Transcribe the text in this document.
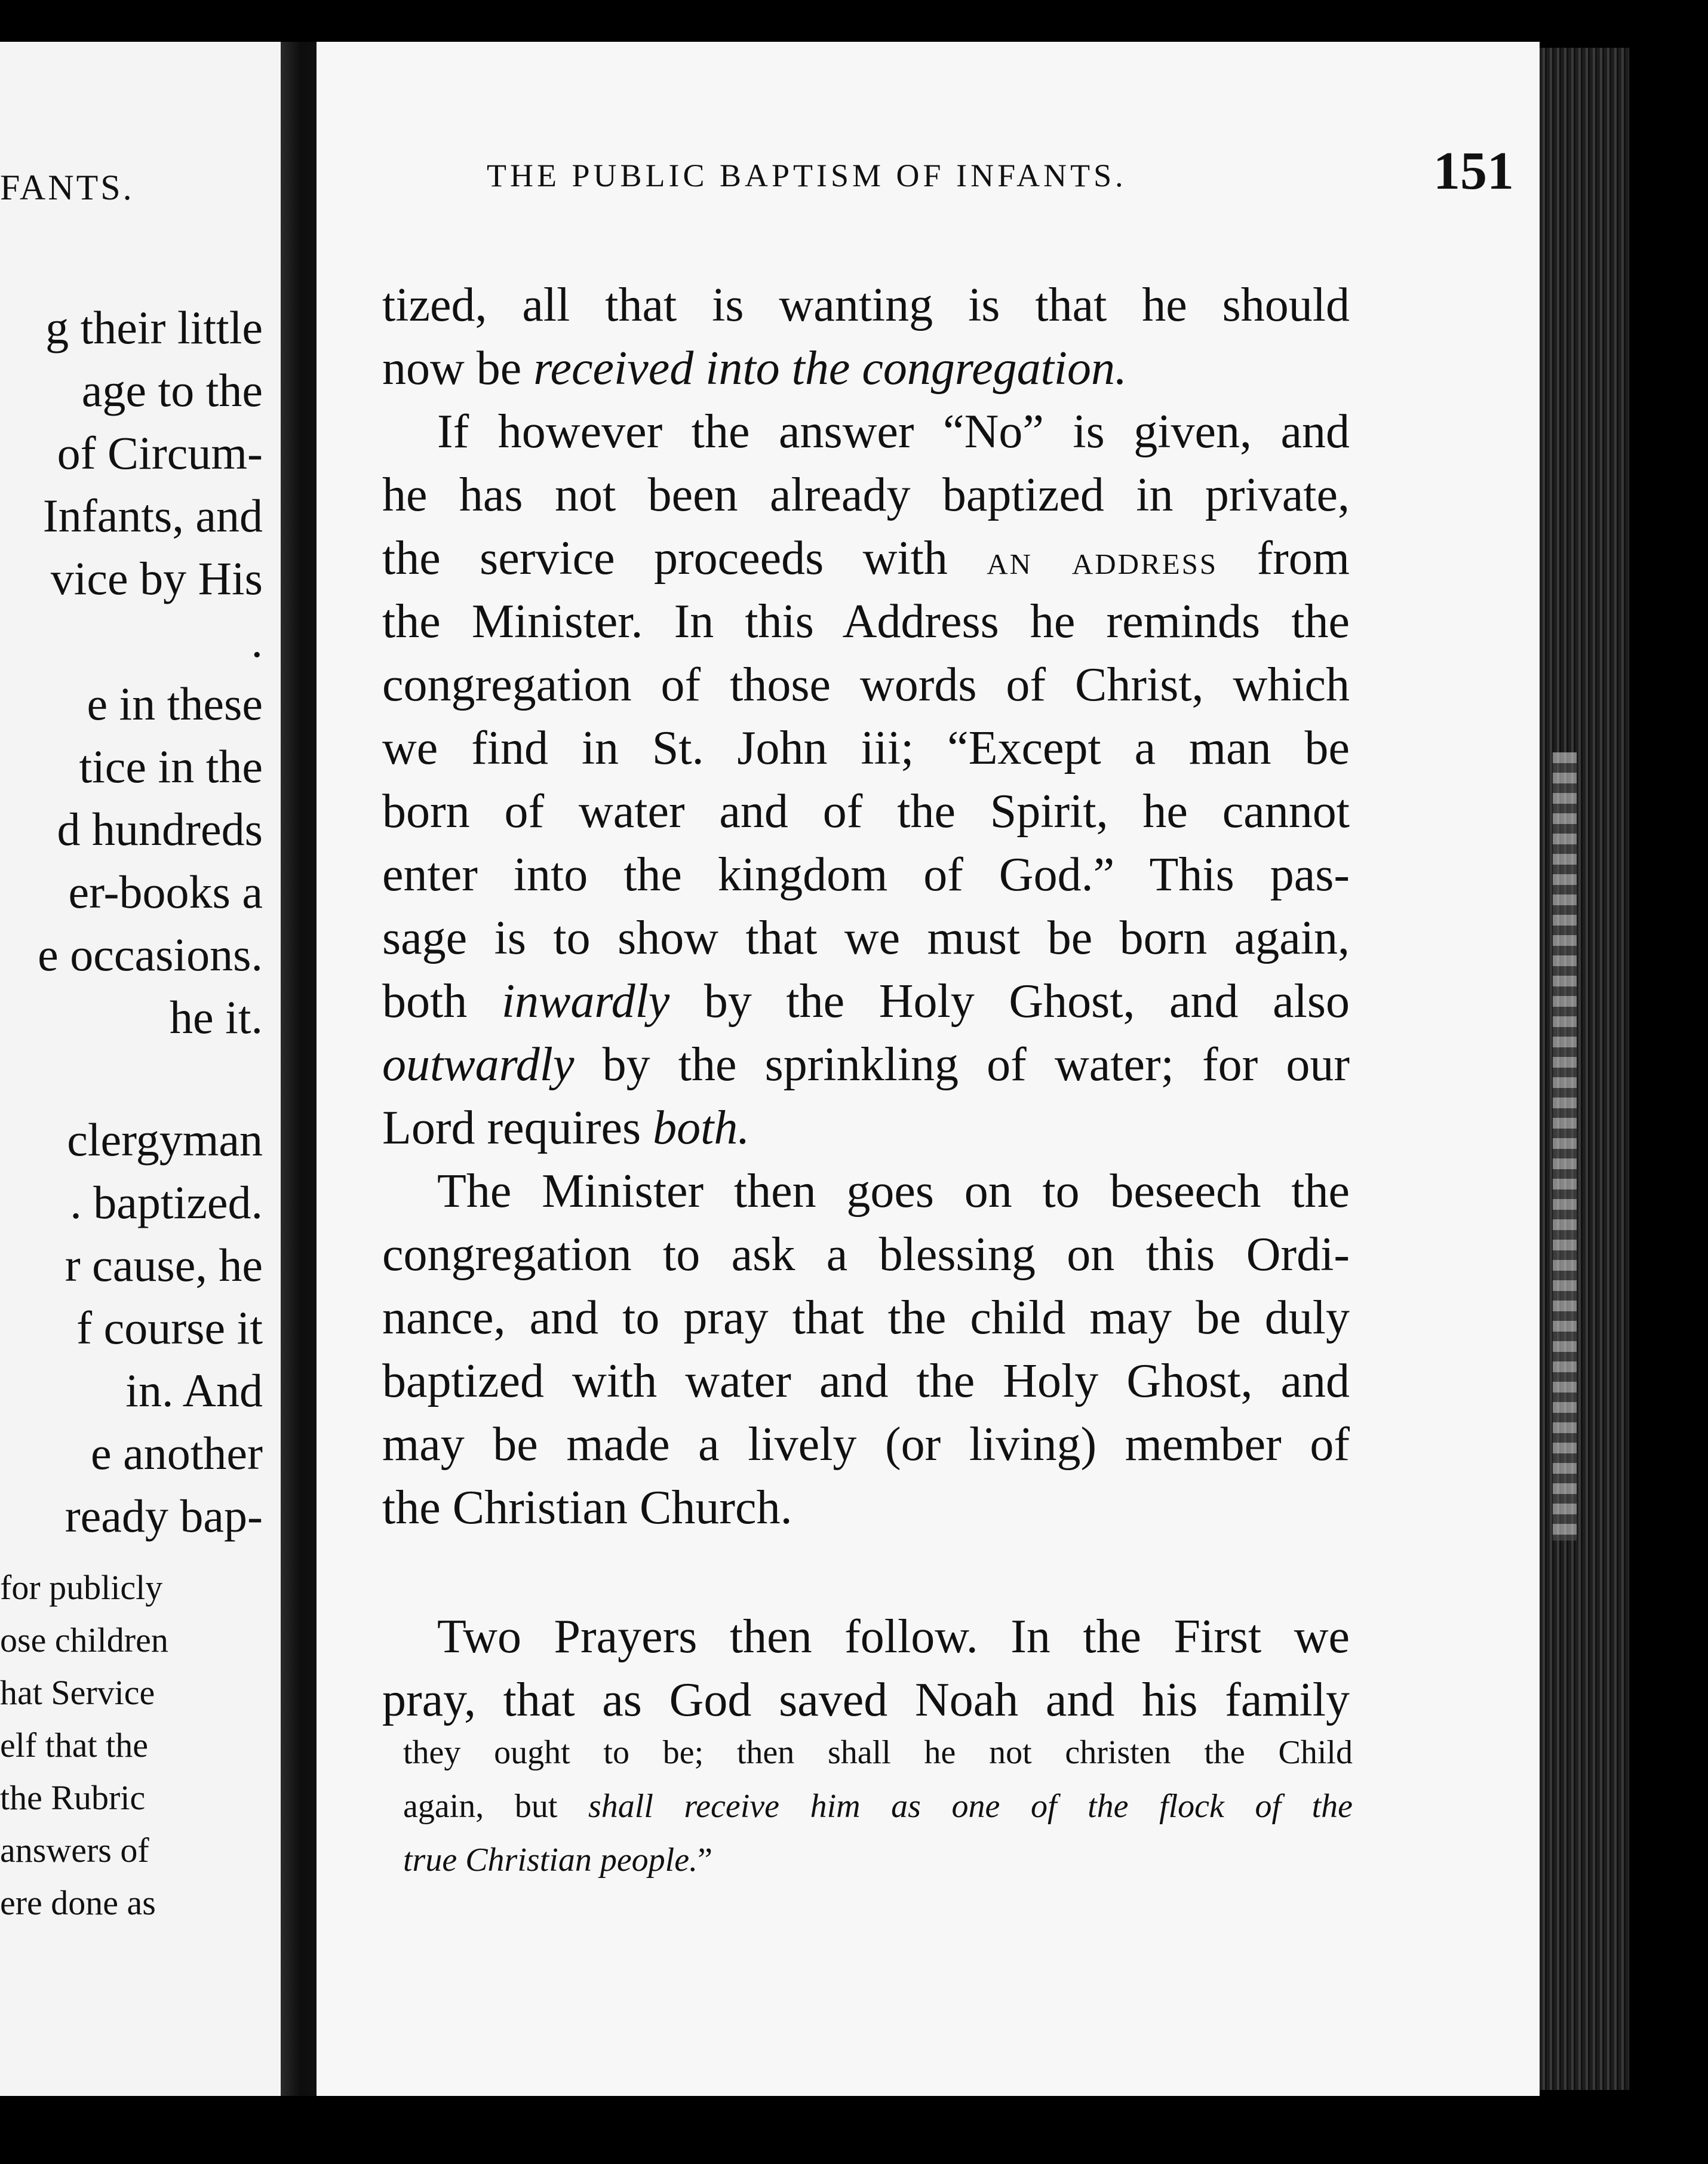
FANTS.
g their little
age to the
of Circum-
Infants, and
vice by His
.
e in these
tice in the
d hundreds
er-books a
e occasions.
he it.
clergyman
. baptized.
r cause, he
f course it
in. And
e another
ready bap-
for publicly
ose children
hat Service
elf that the
the Rubric
answers of
ere done as
THE PUBLIC BAPTISM OF INFANTS.	151
tized, all that is wanting is that he should
now be received into the congregation.
If however the answer “No” is given, and
he has not been already baptized in private,
the service proceeds with an address from
the Minister. In this Address he reminds the
congregation of those words of Christ, which
we find in St. John iii; “Except a man be
born of water and of the Spirit, he cannot
enter into the kingdom of God.” This pas-
sage is to show that we must be born again,
both inwardly by the Holy Ghost, and also
outwardly by the sprinkling of water; for our
Lord requires both.
The Minister then goes on to beseech the
congregation to ask a blessing on this Ordi-
nance, and to pray that the child may be duly
baptized with water and the Holy Ghost, and
may be made a lively (or living) member of
the Christian Church.
Two Prayers then follow. In the First we
pray, that as God saved Noah and his family
they ought to be; then shall he not christen the Child
again, but shall receive him as one of the flock of the
true Christian people.”
